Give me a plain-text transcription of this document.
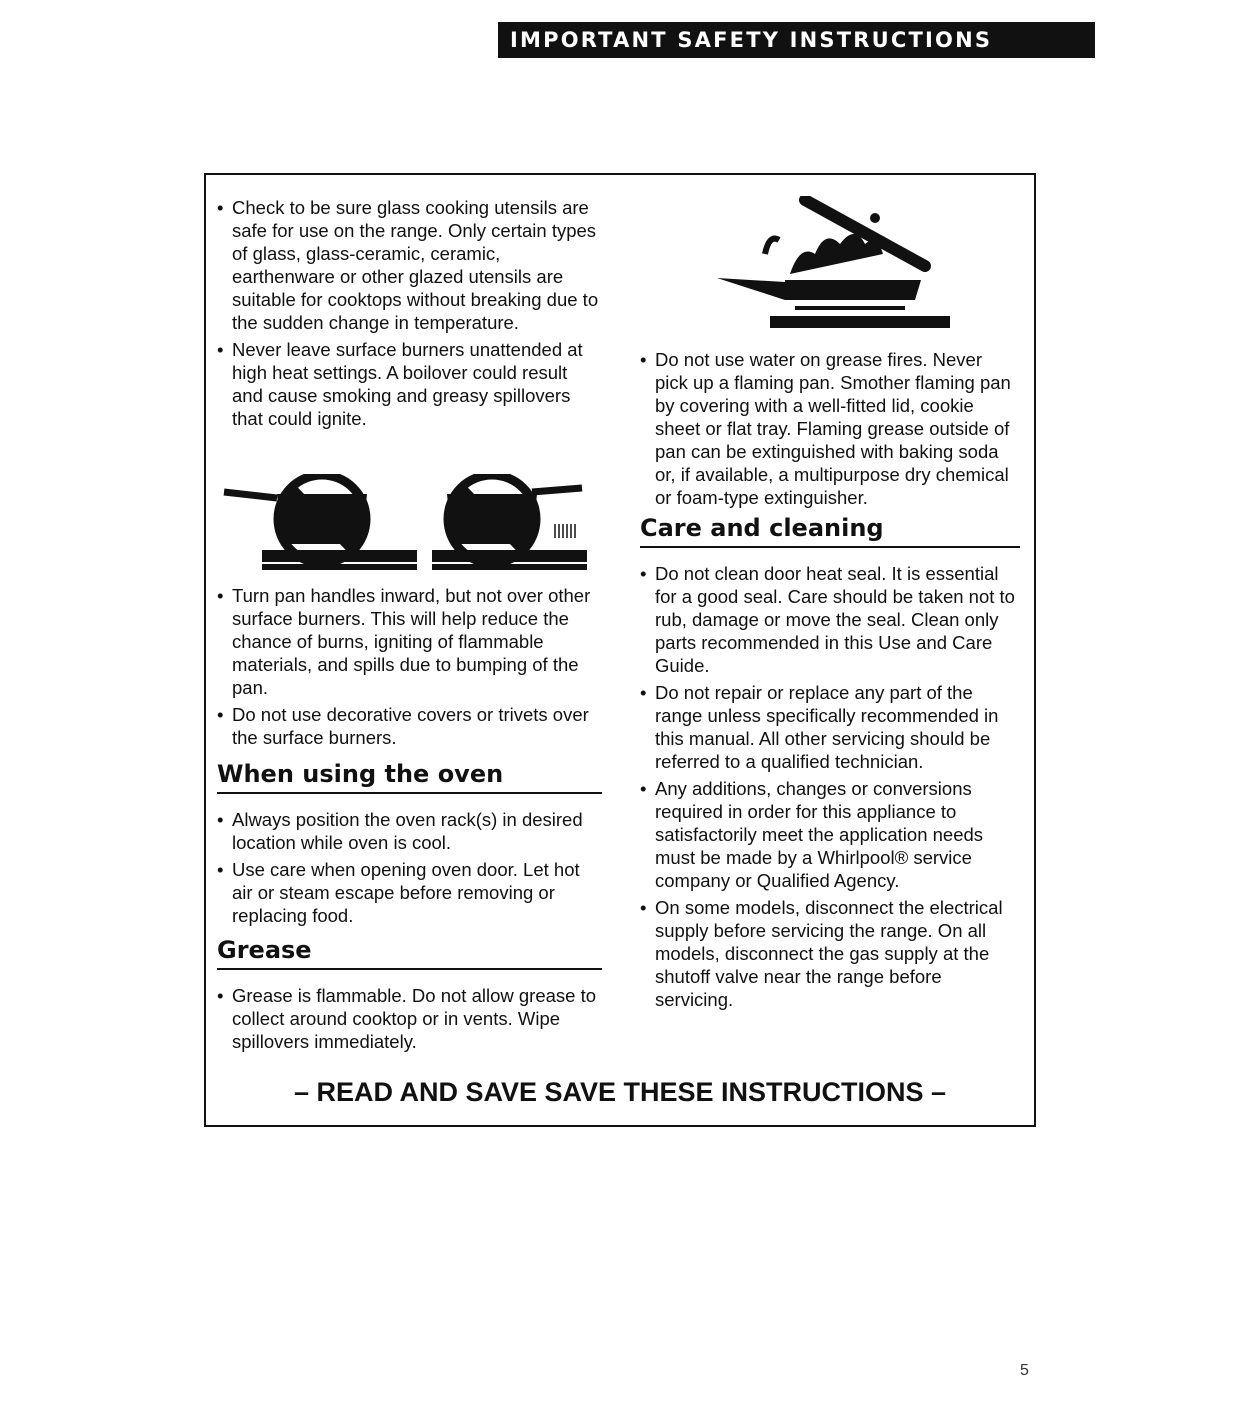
IMPORTANT SAFETY INSTRUCTIONS

• Check to be sure glass cooking utensils are safe for use on the range. Only certain types of glass, glass-ceramic, ceramic, earthenware or other glazed utensils are suitable for cooktops without breaking due to the sudden change in temperature.

• Never leave surface burners unattended at high heat settings. A boilover could result and cause smoking and greasy spillovers that could ignite.

• Turn pan handles inward, but not over other surface burners. This will help reduce the chance of burns, igniting of flammable materials, and spills due to bumping of the pan.

• Do not use decorative covers or trivets over the surface burners.

When using the oven

• Always position the oven rack(s) in desired location while oven is cool.

• Use care when opening oven door. Let hot air or steam escape before removing or replacing food.

Grease

• Grease is flammable. Do not allow grease to collect around cooktop or in vents. Wipe spillovers immediately.

• Do not use water on grease fires. Never pick up a flaming pan. Smother flaming pan by covering with a well-fitted lid, cookie sheet or flat tray. Flaming grease outside of pan can be extinguished with baking soda or, if available, a multipurpose dry chemical or foam-type extinguisher.

Care and cleaning

• Do not clean door heat seal. It is essential for a good seal. Care should be taken not to rub, damage or move the seal. Clean only parts recommended in this Use and Care Guide.

• Do not repair or replace any part of the range unless specifically recommended in this manual. All other servicing should be referred to a qualified technician.

• Any additions, changes or conversions required in order for this appliance to satisfactorily meet the application needs must be made by a Whirlpool® service company or Qualified Agency.

• On some models, disconnect the electrical supply before servicing the range. On all models, disconnect the gas supply at the shutoff valve near the range before servicing.

– READ AND SAVE SAVE THESE INSTRUCTIONS –
5
